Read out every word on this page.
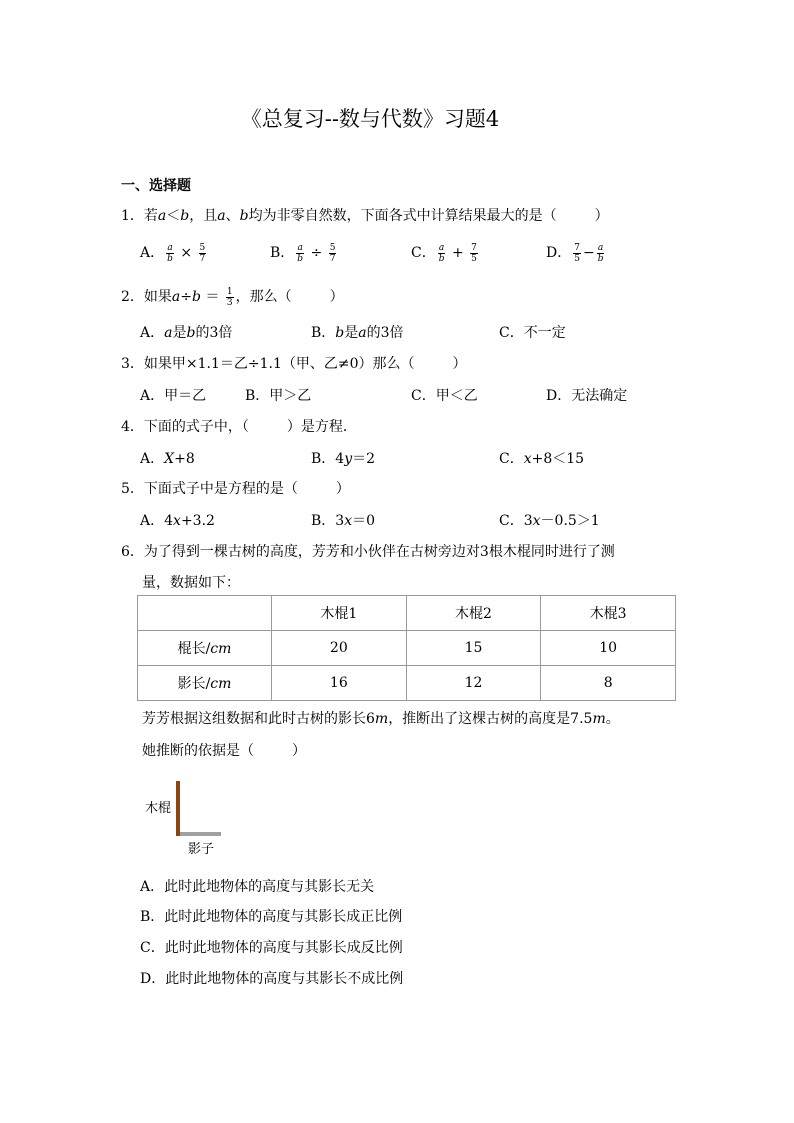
《总复习--数与代数》习题4
一、选择题
1．若a＜b，且a、b均为非零自然数，下面各式中计算结果最大的是（	）
A． $\frac{a}{b} \times \frac{5}{7}$	B． $\frac{a}{b} \div \frac{5}{7}$	C． $\frac{a}{b} + \frac{7}{5}$	D． $\frac{7}{5} - \frac{a}{b}$
2．如果$a\div b = \frac{1}{3}$ ，那么（	）
A．a是b的3倍	B．b是a的3倍	C．不一定
3．如果甲×1.1＝乙÷1.1（甲、乙≠0）那么（	）
A．甲＝乙	B．甲＞乙	C．甲＜乙	D．无法确定
4．下面的式子中，（	）是方程．
A．X+8	B．4y＝2	C．x+8＜15
5．下面式子中是方程的是（	）
A．4x+3.2	B．3x＝0	C．3x－0.5＞1
6．为了得到一棵古树的高度，芳芳和小伙伴在古树旁边对3根木棍同时进行了测
量，数据如下：
	木棍1	木棍2	木棍3
棍长/cm	20	15	10
影长/cm	16	12	8
芳芳根据这组数据和此时古树的影长6m，推断出了这棵古树的高度是7.5m。
她推断的依据是（	）
木棍
影子
A．此时此地物体的高度与其影长无关
B．此时此地物体的高度与其影长成正比例
C．此时此地物体的高度与其影长成反比例
D．此时此地物体的高度与其影长不成比例
